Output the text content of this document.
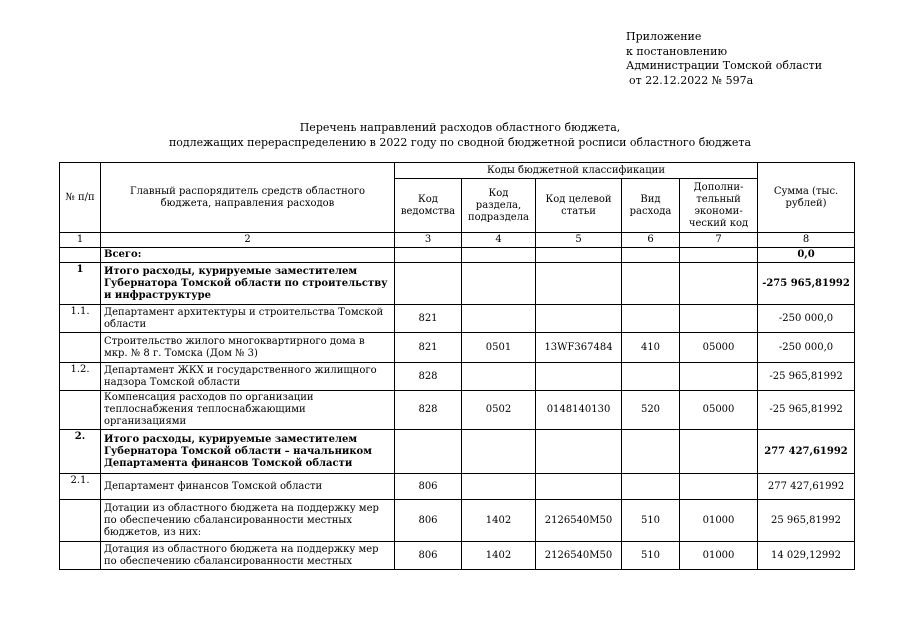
Приложение
к постановлению
Администрации Томской области
от 22.12.2022 № 597а
Перечень направлений расходов областного бюджета,
подлежащих перераспределению в 2022 году по сводной бюджетной росписи областного бюджета
№ п/п	Главный распорядитель средств областного бюджета, направления расходов	Коды бюджетной классификации					Сумма (тыс. рублей)
		Код ведомства	Код раздела, подраздела	Код целевой статьи	Вид расхода	Дополни-тельный экономи-ческий код	
1	2	3	4	5	6	7	8
	Всего:						0,0
1	Итого расходы, курируемые заместителем Губернатора Томской области по строительству и инфраструктуре						-275 965,81992
1.1.	Департамент архитектуры и строительства Томской области	821					-250 000,0
	Строительство жилого многоквартирного дома в мкр. № 8 г. Томска (Дом № 3)	821	0501	13WF367484	410	05000	-250 000,0
1.2.	Департамент ЖКХ и государственного жилищного надзора Томской области	828					-25 965,81992
	Компенсация расходов по организации теплоснабжения теплоснабжающими организациями	828	0502	0148140130	520	05000	-25 965,81992
2.	Итого расходы, курируемые заместителем Губернатора Томской области – начальником Департамента финансов Томской области						277 427,61992
2.1.	Департамент финансов Томской области	806					277 427,61992
	Дотации из областного бюджета на поддержку мер по обеспечению сбалансированности местных бюджетов, из них:	806	1402	2126540M50	510	01000	25 965,81992
	Дотация из областного бюджета на поддержку мер по обеспечению сбалансированности местных	806	1402	2126540M50	510	01000	14 029,12992
